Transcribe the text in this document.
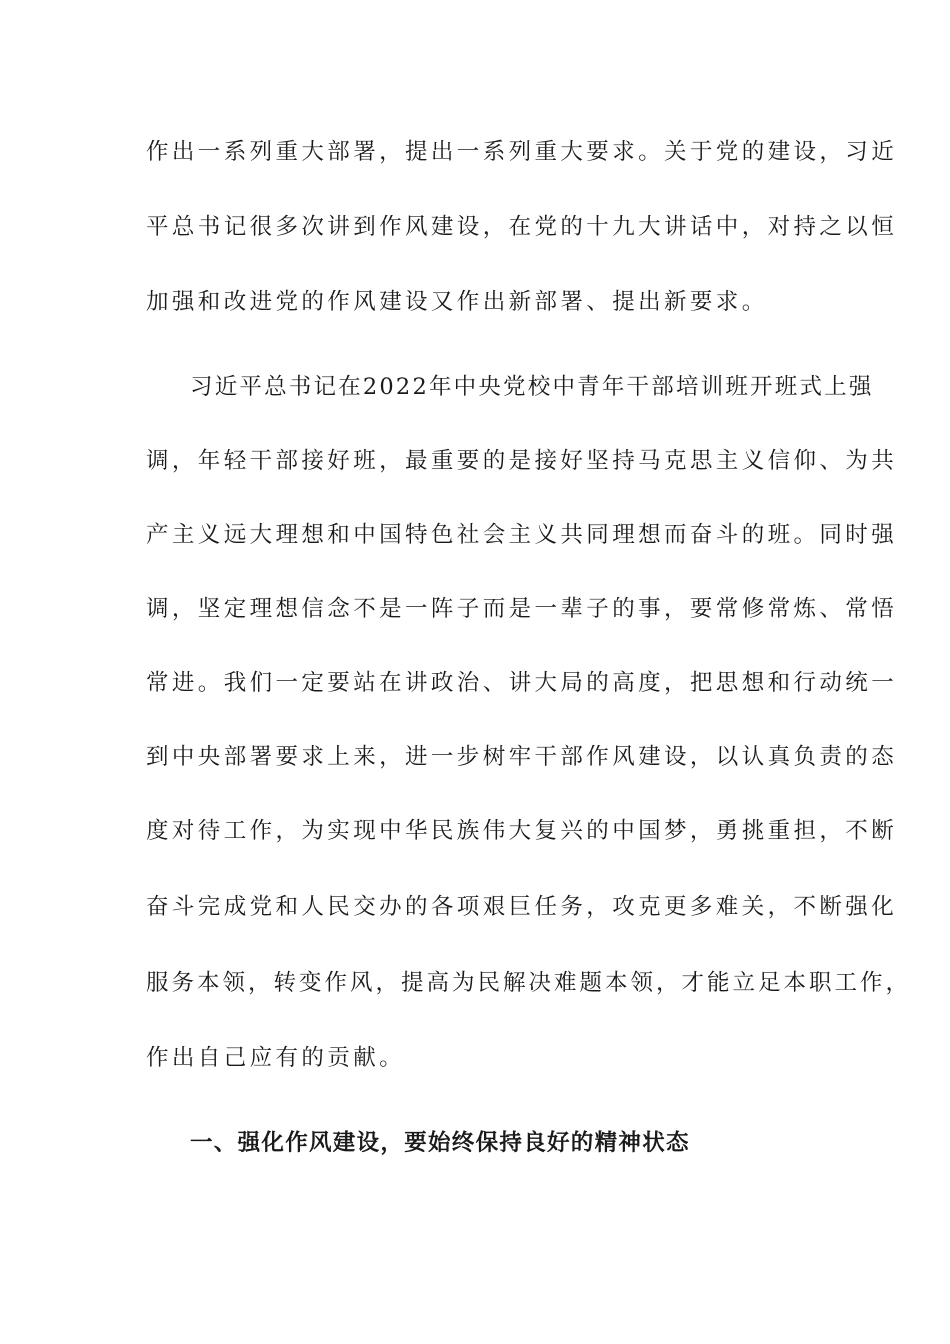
作出一系列重大部署，提出一系列重大要求。关于党的建设，习近
平总书记很多次讲到作风建设，在党的十九大讲话中，对持之以恒
加强和改进党的作风建设又作出新部署、提出新要求。
习近平总书记在2022年中央党校中青年干部培训班开班式上强
调，年轻干部接好班，最重要的是接好坚持马克思主义信仰、为共
产主义远大理想和中国特色社会主义共同理想而奋斗的班。同时强
调，坚定理想信念不是一阵子而是一辈子的事，要常修常炼、常悟
常进。我们一定要站在讲政治、讲大局的高度，把思想和行动统一
到中央部署要求上来，进一步树牢干部作风建设，以认真负责的态
度对待工作，为实现中华民族伟大复兴的中国梦，勇挑重担，不断
奋斗完成党和人民交办的各项艰巨任务，攻克更多难关，不断强化
服务本领，转变作风，提高为民解决难题本领，才能立足本职工作，
作出自己应有的贡献。
一、强化作风建设，要始终保持良好的精神状态
